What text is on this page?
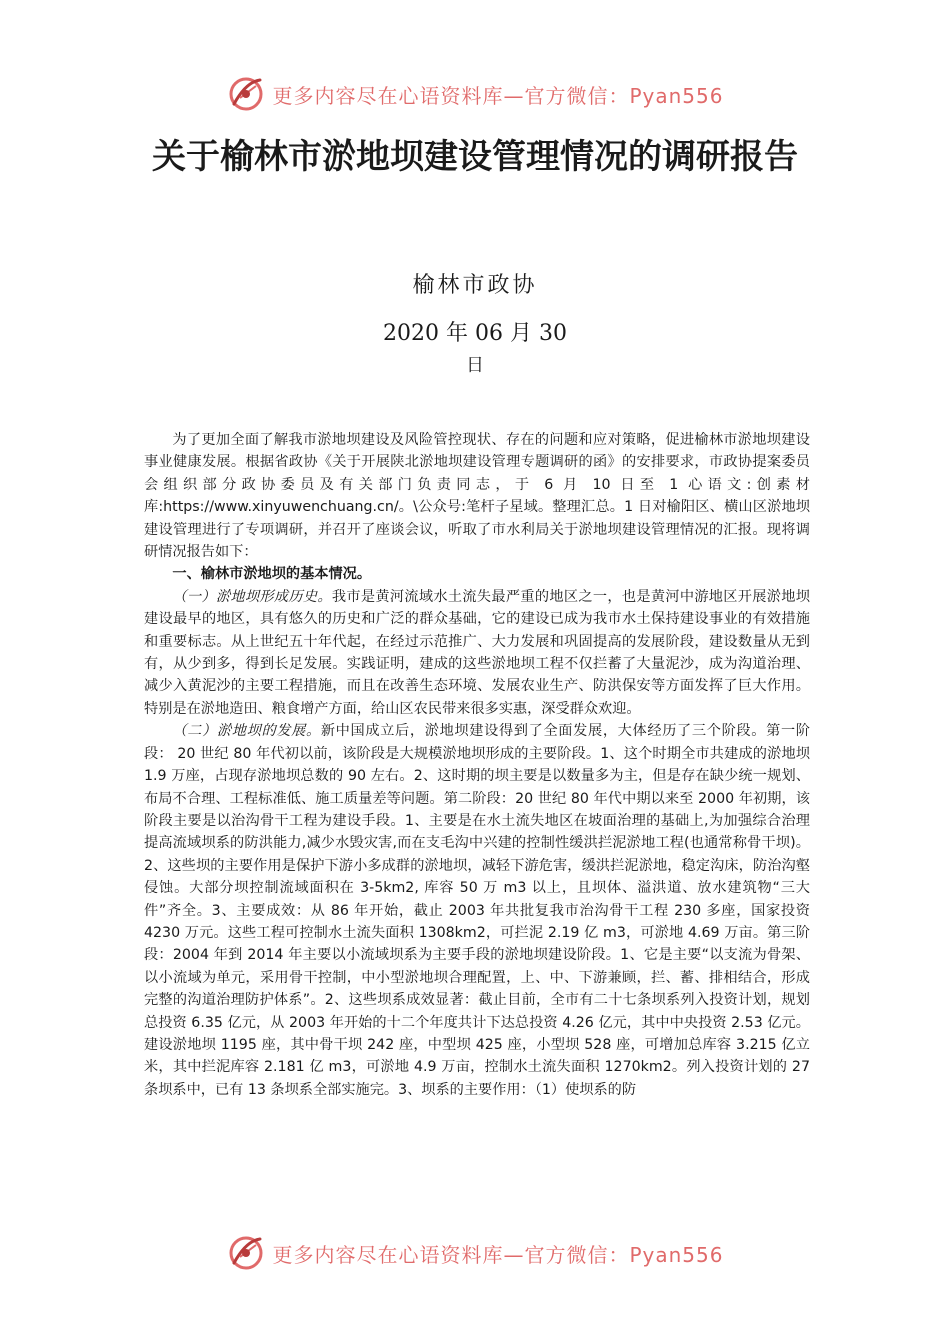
更多内容尽在心语资料库—官方微信：Pyan556
关于榆林市淤地坝建设管理情况的调研报告
榆林市政协
2020 年 06 月 30
日

为了更加全面了解我市淤地坝建设及风险管控现状、存在的问题和应对策略，促进榆林市淤地坝建设事业健康发展。根据省政协《关于开展陕北淤地坝建设管理专题调研的函》的安排要求，市政协提案委员会组织部分政协委员及有关部门负责同志，于 6 月 10 日至 1 心语文:创素材库:https://www.xinyuwenchuang.cn/。\公众号:笔杆子星域。整理汇总。1 日对榆阳区、横山区淤地坝建设管理进行了专项调研，并召开了座谈会议，听取了市水利局关于淤地坝建设管理情况的汇报。现将调研情况报告如下：

一、榆林市淤地坝的基本情况。

（一）淤地坝形成历史。我市是黄河流域水土流失最严重的地区之一，也是黄河中游地区开展淤地坝建设最早的地区，具有悠久的历史和广泛的群众基础，它的建设已成为我市水土保持建设事业的有效措施和重要标志。从上世纪五十年代起，在经过示范推广、大力发展和巩固提高的发展阶段，建设数量从无到有，从少到多，得到长足发展。实践证明，建成的这些淤地坝工程不仅拦蓄了大量泥沙，成为沟道治理、减少入黄泥沙的主要工程措施，而且在改善生态环境、发展农业生产、防洪保安等方面发挥了巨大作用。特别是在淤地造田、粮食增产方面，给山区农民带来很多实惠，深受群众欢迎。

（二）淤地坝的发展。新中国成立后，淤地坝建设得到了全面发展，大体经历了三个阶段。第一阶段： 20 世纪 80 年代初以前，该阶段是大规模淤地坝形成的主要阶段。1、这个时期全市共建成的淤地坝 1.9 万座，占现存淤地坝总数的 90 左右。2、这时期的坝主要是以数量多为主，但是存在缺少统一规划、布局不合理、工程标准低、施工质量差等问题。第二阶段：20 世纪 80 年代中期以来至 2000 年初期，该阶段主要是以治沟骨干工程为建设手段。1、主要是在水土流失地区在坡面治理的基础上,为加强综合治理提高流域坝系的防洪能力,减少水毁灾害,而在支毛沟中兴建的控制性缓洪拦泥淤地工程(也通常称骨干坝)。2、这些坝的主要作用是保护下游小多成群的淤地坝，减轻下游危害，缓洪拦泥淤地，稳定沟床，防治沟壑侵蚀。大部分坝控制流域面积在 3-5km2, 库容 50 万 m3 以上，且坝体、溢洪道、放水建筑物“三大件”齐全。3、主要成效：从 86 年开始，截止 2003 年共批复我市治沟骨干工程 230 多座，国家投资 4230 万元。这些工程可控制水土流失面积 1308km2，可拦泥 2.19 亿 m3，可淤地 4.69 万亩。第三阶段：2004 年到 2014 年主要以小流域坝系为主要手段的淤地坝建设阶段。1、它是主要“以支流为骨架、以小流域为单元，采用骨干控制，中小型淤地坝合理配置，上、中、下游兼顾，拦、蓄、排相结合，形成完整的沟道治理防护体系”。2、这些坝系成效显著：截止目前，全市有二十七条坝系列入投资计划，规划总投资 6.35 亿元，从 2003 年开始的十二个年度共计下达总投资 4.26 亿元，其中中央投资 2.53 亿元。建设淤地坝 1195 座，其中骨干坝 242 座，中型坝 425 座，小型坝 528 座，可增加总库容 3.215 亿立米，其中拦泥库容 2.181 亿 m3，可淤地 4.9 万亩，控制水土流失面积 1270km2。列入投资计划的 27 条坝系中，已有 13 条坝系全部实施完。3、坝系的主要作用：（1）使坝系的防

更多内容尽在心语资料库—官方微信：Pyan556
